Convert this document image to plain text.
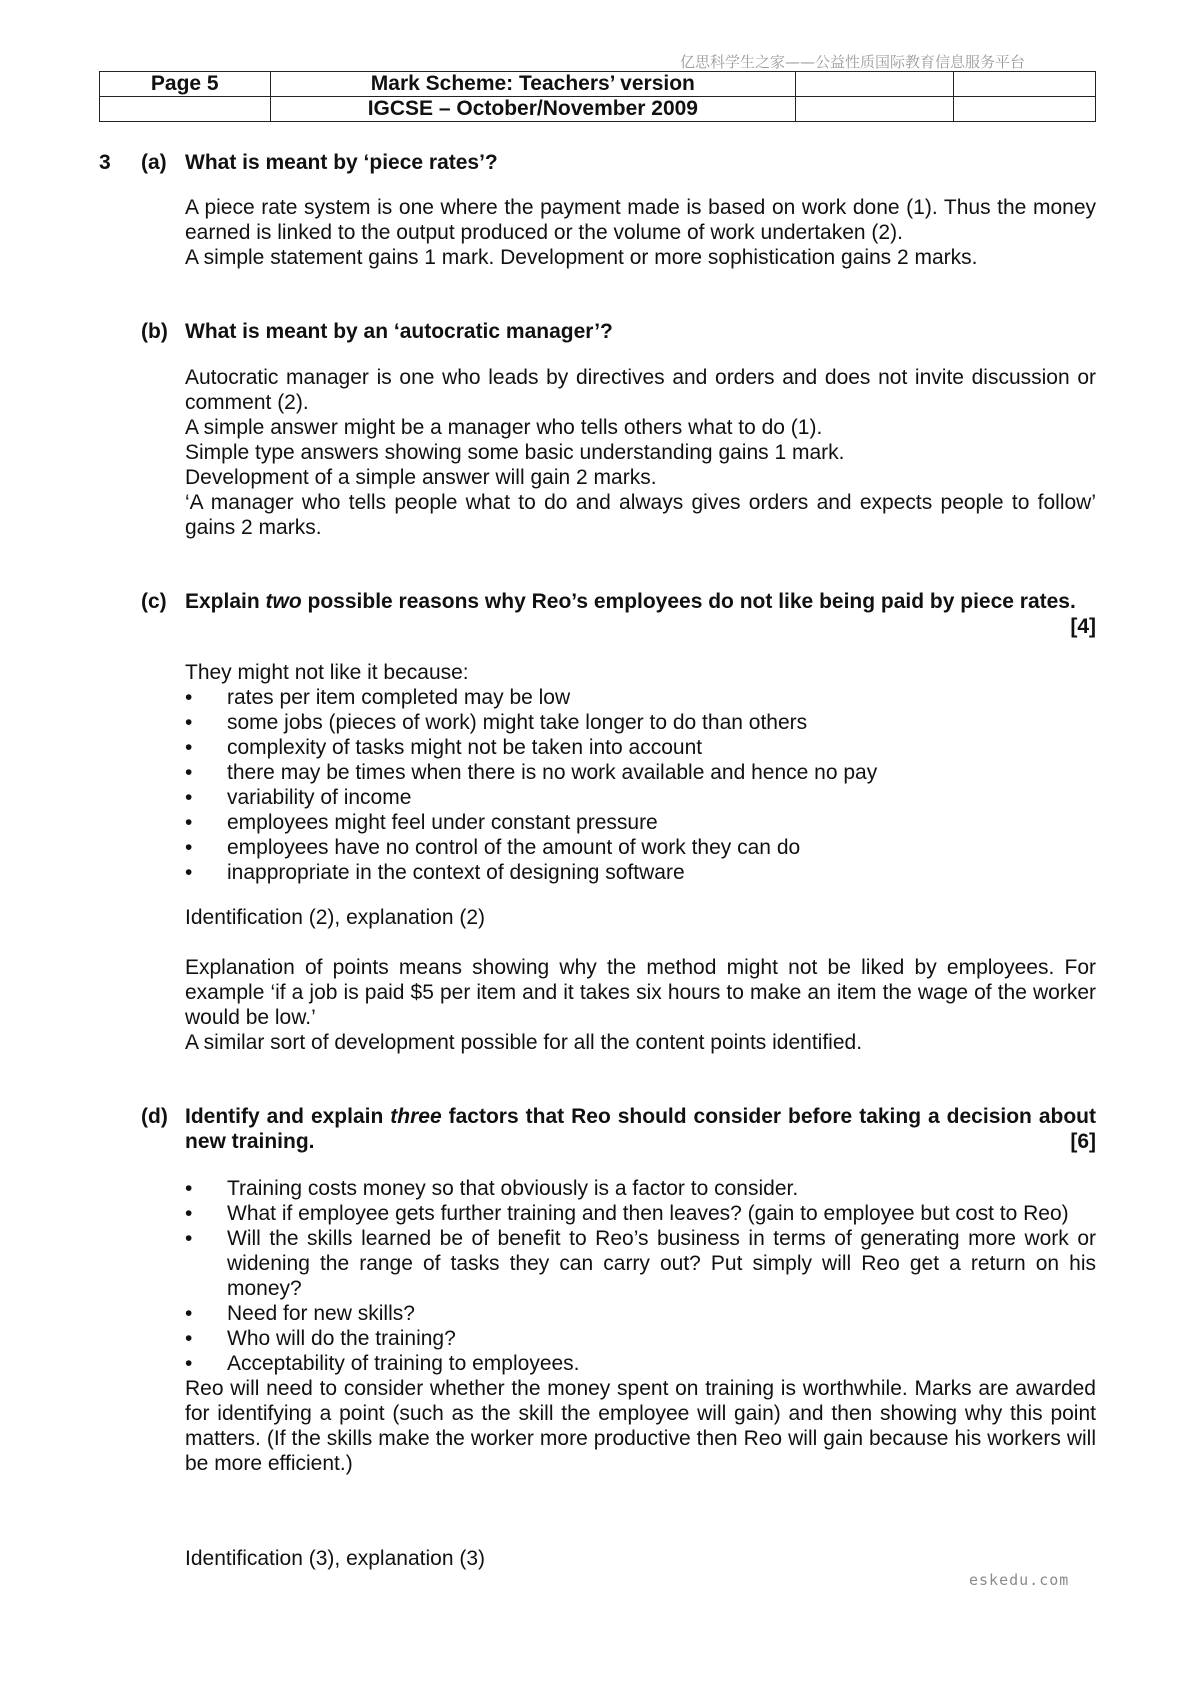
亿思科学生之家——公益性质国际教育信息服务平台
Page 5	Mark Scheme: Teachers’ version		
	IGCSE – October/November 2009		
3 (a) What is meant by ‘piece rates’?

A piece rate system is one where the payment made is based on work done (1). Thus the money earned is linked to the output produced or the volume of work undertaken (2).

A simple statement gains 1 mark. Development or more sophistication gains 2 marks.

(b) What is meant by an ‘autocratic manager’?

Autocratic manager is one who leads by directives and orders and does not invite discussion or comment (2).

A simple answer might be a manager who tells others what to do (1).

Simple type answers showing some basic understanding gains 1 mark.

Development of a simple answer will gain 2 marks.

‘A manager who tells people what to do and always gives orders and expects people to follow’ gains 2 marks.

(c) Explain two possible reasons why Reo’s employees do not like being paid by piece rates.
[4]

They might not like it because:

• rates per item completed may be low
• some jobs (pieces of work) might take longer to do than others
• complexity of tasks might not be taken into account
• there may be times when there is no work available and hence no pay
• variability of income
• employees might feel under constant pressure
• employees have no control of the amount of work they can do
• inappropriate in the context of designing software
Identification (2), explanation (2)

Explanation of points means showing why the method might not be liked by employees. For example ‘if a job is paid $5 per item and it takes six hours to make an item the wage of the worker would be low.’

A similar sort of development possible for all the content points identified.

(d) Identify and explain three factors that Reo should consider before taking a decision about new training.	[6]
• Training costs money so that obviously is a factor to consider.
• What if employee gets further training and then leaves? (gain to employee but cost to Reo)
• Will the skills learned be of benefit to Reo’s business in terms of generating more work or widening the range of tasks they can carry out? Put simply will Reo get a return on his money?
• Need for new skills?
• Who will do the training?
• Acceptability of training to employees.

Reo will need to consider whether the money spent on training is worthwhile. Marks are awarded for identifying a point (such as the skill the employee will gain) and then showing why this point matters. (If the skills make the worker more productive then Reo will gain because his workers will be more efficient.)

Identification (3), explanation (3)
eskedu.com
